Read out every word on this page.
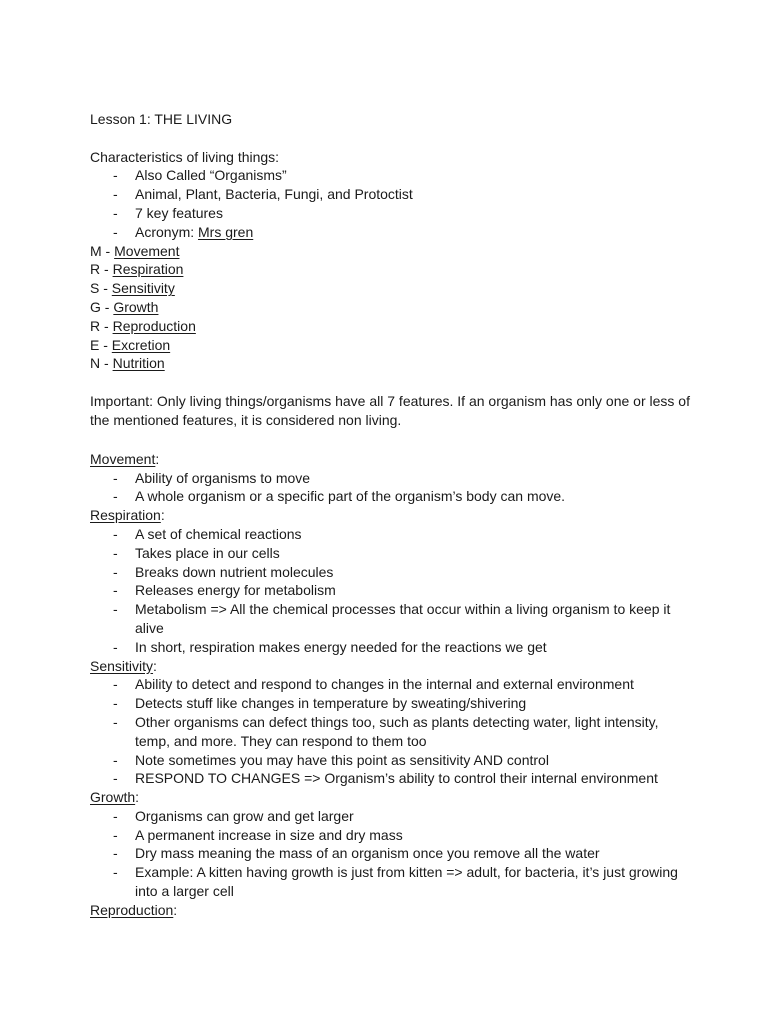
Lesson 1: THE LIVING
Characteristics of living things:
- Also Called “Organisms”
- Animal, Plant, Bacteria, Fungi, and Protoctist
- 7 key features
- Acronym: Mrs gren
M - Movement
R - Respiration
S - Sensitivity
G - Growth
R - Reproduction
E - Excretion
N - Nutrition
Important: Only living things/organisms have all 7 features. If an organism has only one or less of the mentioned features, it is considered non living.
Movement:
- Ability of organisms to move
- A whole organism or a specific part of the organism’s body can move.
Respiration:
- A set of chemical reactions
- Takes place in our cells
- Breaks down nutrient molecules
- Releases energy for metabolism
- Metabolism => All the chemical processes that occur within a living organism to keep it alive
- In short, respiration makes energy needed for the reactions we get
Sensitivity:
- Ability to detect and respond to changes in the internal and external environment
- Detects stuff like changes in temperature by sweating/shivering
- Other organisms can defect things too, such as plants detecting water, light intensity, temp, and more. They can respond to them too
- Note sometimes you may have this point as sensitivity AND control
- RESPOND TO CHANGES => Organism’s ability to control their internal environment
Growth:
- Organisms can grow and get larger
- A permanent increase in size and dry mass
- Dry mass meaning the mass of an organism once you remove all the water
- Example: A kitten having growth is just from kitten => adult, for bacteria, it’s just growing into a larger cell
Reproduction:
